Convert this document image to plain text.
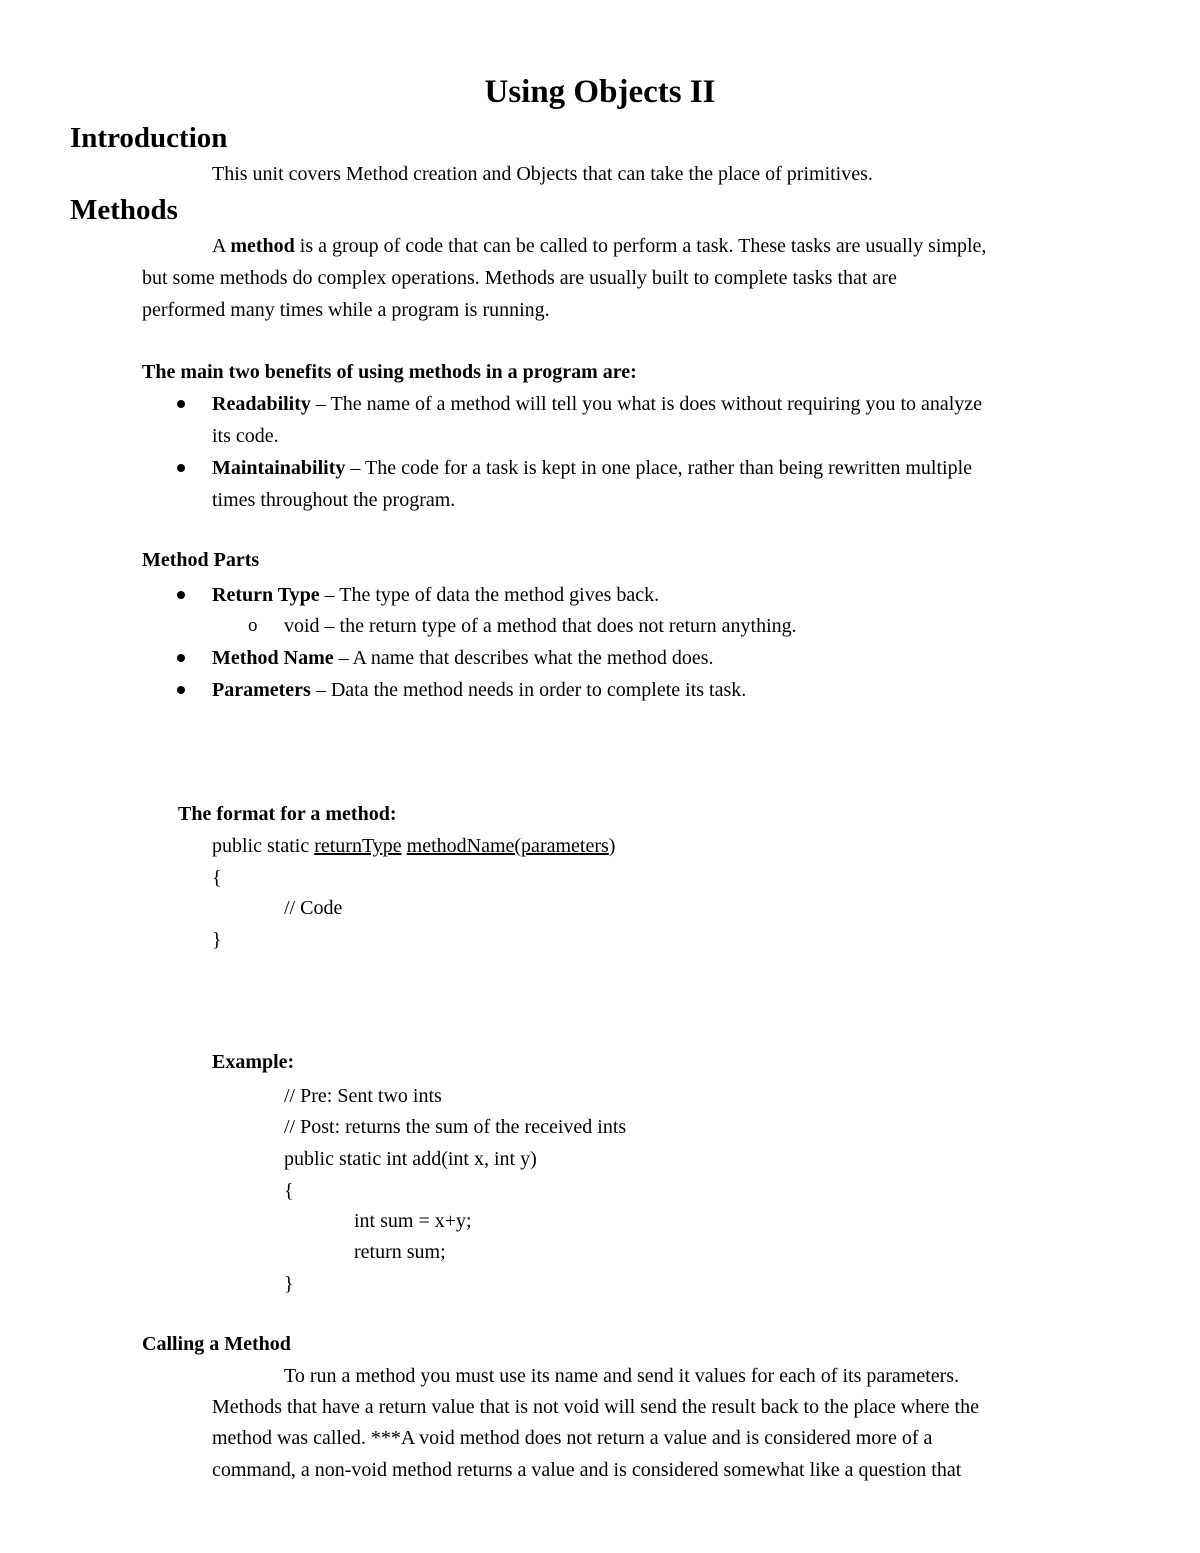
Using Objects II
Introduction
This unit covers Method creation and Objects that can take the place of primitives.
Methods
A method is a group of code that can be called to perform a task. These tasks are usually simple,
but some methods do complex operations. Methods are usually built to complete tasks that are
performed many times while a program is running.
The main two benefits of using methods in a program are:
Readability – The name of a method will tell you what is does without requiring you to analyze
its code.
Maintainability – The code for a task is kept in one place, rather than being rewritten multiple
times throughout the program.
Method Parts
Return Type – The type of data the method gives back.
o void – the return type of a method that does not return anything.
Method Name – A name that describes what the method does.
Parameters – Data the method needs in order to complete its task.
The format for a method:
public static returnType methodName(parameters)
{
// Code
}
Example:
// Pre: Sent two ints
// Post: returns the sum of the received ints
public static int add(int x, int y)
{
int sum = x+y;
return sum;
}
Calling a Method
To run a method you must use its name and send it values for each of its parameters.
Methods that have a return value that is not void will send the result back to the place where the
method was called. ***A void method does not return a value and is considered more of a
command, a non-void method returns a value and is considered somewhat like a question that
